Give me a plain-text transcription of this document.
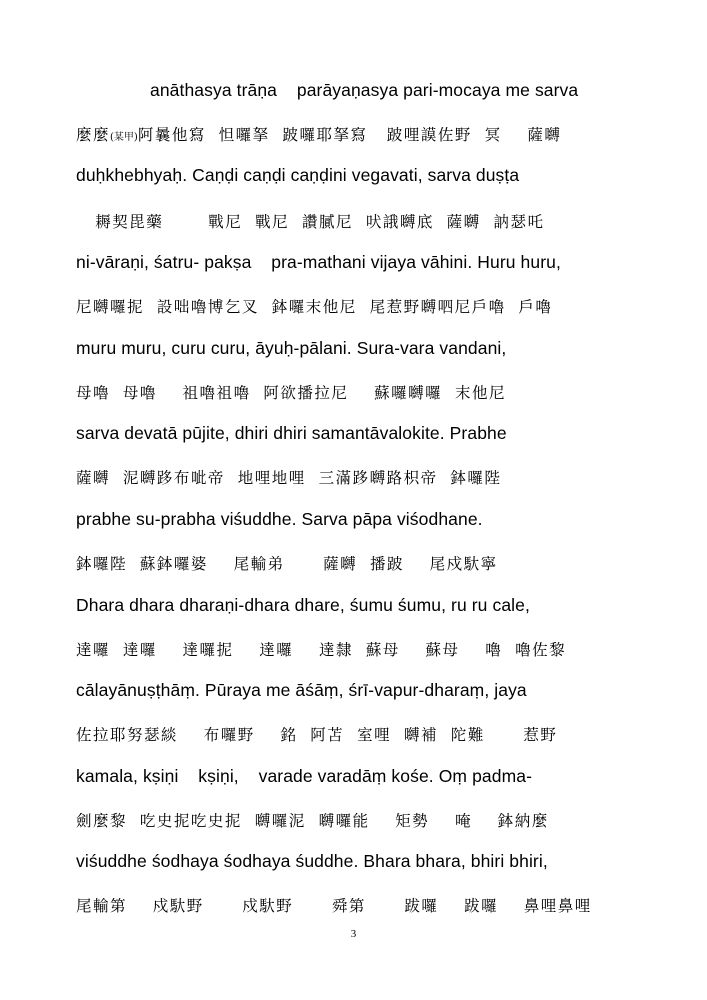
anāthasya trāṇa    parāyaṇasya pari-mocaya me sarva
麼麼(某甲)阿曩他寫  怛囉拏  跛囉耶拏寫   跛哩謨佐野  冥    薩嚩
duḥkhebhyaḥ. Caṇḍi caṇḍi caṇḍini vegavati, sarva duṣṭa
耨契毘藥       戰尼  戰尼  讚膩尼  吠誐嚩底  薩嚩  訥瑟吒
ni-vāraṇi, śatru- pakṣa    pra-mathani vijaya vāhini. Huru huru,
尼嚩囉抳  設咄嚕博乞叉  鉢囉末他尼  尾惹野嚩呬尼戶嚕  戶嚕
muru muru, curu curu, āyuḥ-pālani. Sura-vara vandani,
母嚕  母嚕    祖嚕祖嚕  阿欲播拉尼    蘇囉嚩囉  末他尼
sarva devatā pūjite, dhiri dhiri samantāvalokite. Prabhe
薩嚩  泥嚩跢布呲帝  地哩地哩  三滿跢嚩路枳帝  鉢囉陛
prabhe su-prabha viśuddhe. Sarva pāpa viśodhane.
鉢囉陛  蘇鉢囉婆    尾輸弟      薩嚩  播跛    尾戍馱寧
Dhara dhara dharaṇi-dhara dhare, śumu śumu, ru ru cale,
達囉  達囉    達囉抳    達囉    達隸  蘇母    蘇母    嚕  嚕佐黎
cālayānuṣṭhāṃ. Pūraya me āśāṃ, śrī-vapur-dharaṃ, jaya
佐拉耶努瑟緂    布囉野    銘  阿苫  室哩  嚩補  陀難      惹野
kamala, kṣiṇi    kṣiṇi,    varade varadāṃ kośe. Oṃ padma-
劍麼黎  吃史抳吃史抳  嚩囉泥  嚩囉能    矩勢    唵    鉢納麼
viśuddhe śodhaya śodhaya śuddhe. Bhara bhara, bhiri bhiri,
尾輸第    戍馱野      戍馱野      舜第      跋囉    跋囉    鼻哩鼻哩
3
